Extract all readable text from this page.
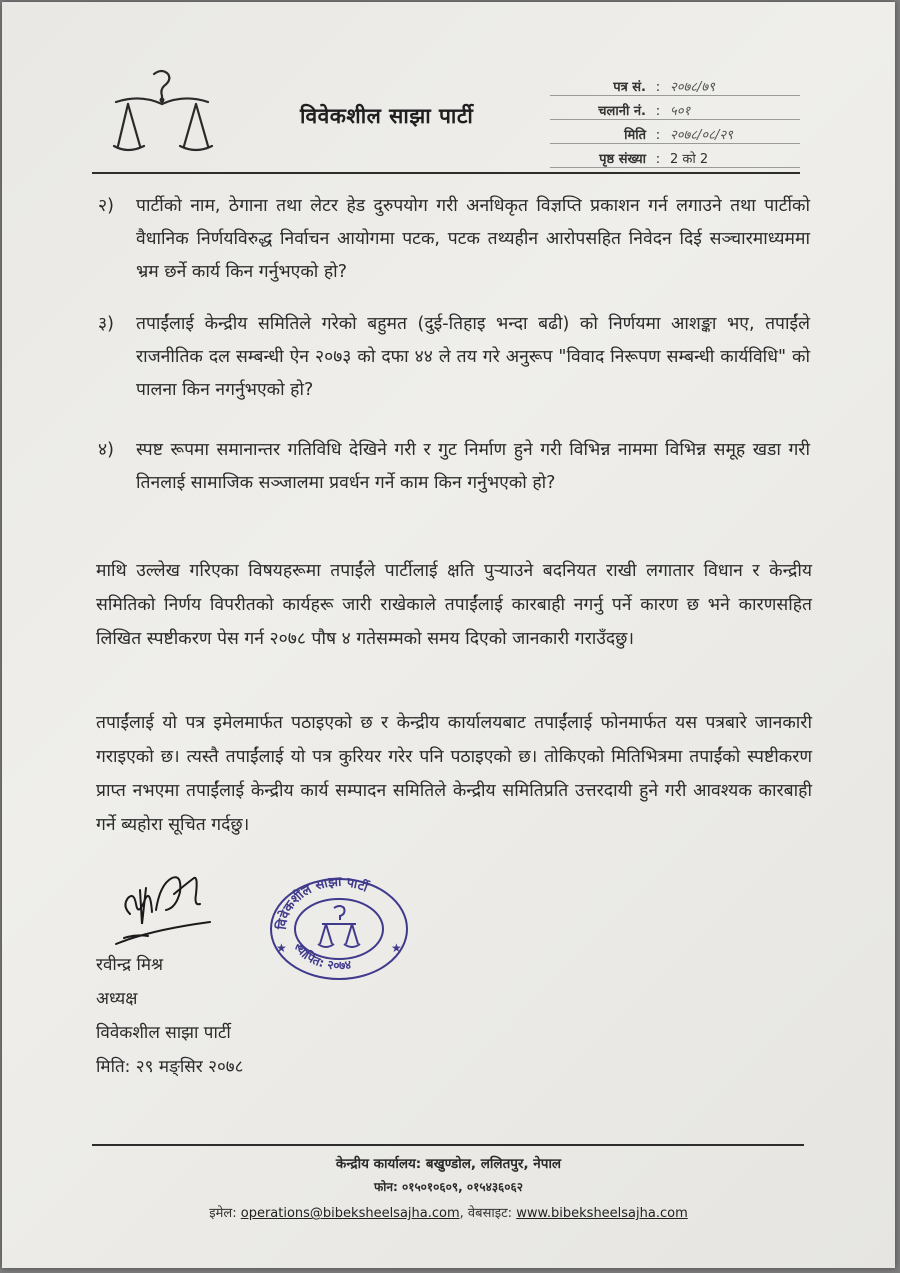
विवेकशील साझा पार्टी
पत्र सं. : २०७८/७९
चलानी नं. : ५०१
मिति : २०७८/०८/२९
पृष्ठ संख्या : 2 को 2
२) पार्टीको नाम, ठेगाना तथा लेटर हेड दुरुपयोग गरी अनधिकृत विज्ञप्ति प्रकाशन गर्न लगाउने तथा पार्टीको वैधानिक निर्णयविरुद्ध निर्वाचन आयोगमा पटक, पटक तथ्यहीन आरोपसहित निवेदन दिई सञ्चारमाध्यममा भ्रम छर्ने कार्य किन गर्नुभएको हो?
३) तपाईंलाई केन्द्रीय समितिले गरेको बहुमत (दुई-तिहाइ भन्दा बढी) को निर्णयमा आशङ्का भए, तपाईंले राजनीतिक दल सम्बन्धी ऐन २०७३ को दफा ४४ ले तय गरे अनुरूप "विवाद निरूपण सम्बन्धी कार्यविधि" को पालना किन नगर्नुभएको हो?
४) स्पष्ट रूपमा समानान्तर गतिविधि देखिने गरी र गुट निर्माण हुने गरी विभिन्न नाममा विभिन्न समूह खडा गरी तिनलाई सामाजिक सञ्जालमा प्रवर्धन गर्ने काम किन गर्नुभएको हो?
माथि उल्लेख गरिएका विषयहरूमा तपाईंले पार्टीलाई क्षति पुऱ्याउने बदनियत राखी लगातार विधान र केन्द्रीय समितिको निर्णय विपरीतको कार्यहरू जारी राखेकाले तपाईंलाई कारबाही नगर्नु पर्ने कारण छ भने कारणसहित लिखित स्पष्टीकरण पेस गर्न २०७८ पौष ४ गतेसम्मको समय दिएको जानकारी गराउँदछु।
तपाईंलाई यो पत्र इमेलमार्फत पठाइएको छ र केन्द्रीय कार्यालयबाट तपाईंलाई फोनमार्फत यस पत्रबारे जानकारी गराइएको छ। त्यस्तै तपाईंलाई यो पत्र कुरियर गरेर पनि पठाइएको छ। तोकिएको मितिभित्रमा तपाईंको स्पष्टीकरण प्राप्त नभएमा तपाईंलाई केन्द्रीय कार्य सम्पादन समितिले केन्द्रीय समितिप्रति उत्तरदायी हुने गरी आवश्यक कारबाही गर्ने ब्यहोरा सूचित गर्दछु।
विवेकशील साझा पार्टी
स्थापित: २०७४
★	★
रवीन्द्र मिश्र
अध्यक्ष
विवेकशील साझा पार्टी
मिति: २९ मङ्सिर २०७८
केन्द्रीय कार्यालय: बखुण्डोल, ललितपुर, नेपाल
फोन: ०१५०१०६०९, ०१५४३६०६२
इमेल: operations@bibeksheelsajha.com, वेबसाइट: www.bibeksheelsajha.com
